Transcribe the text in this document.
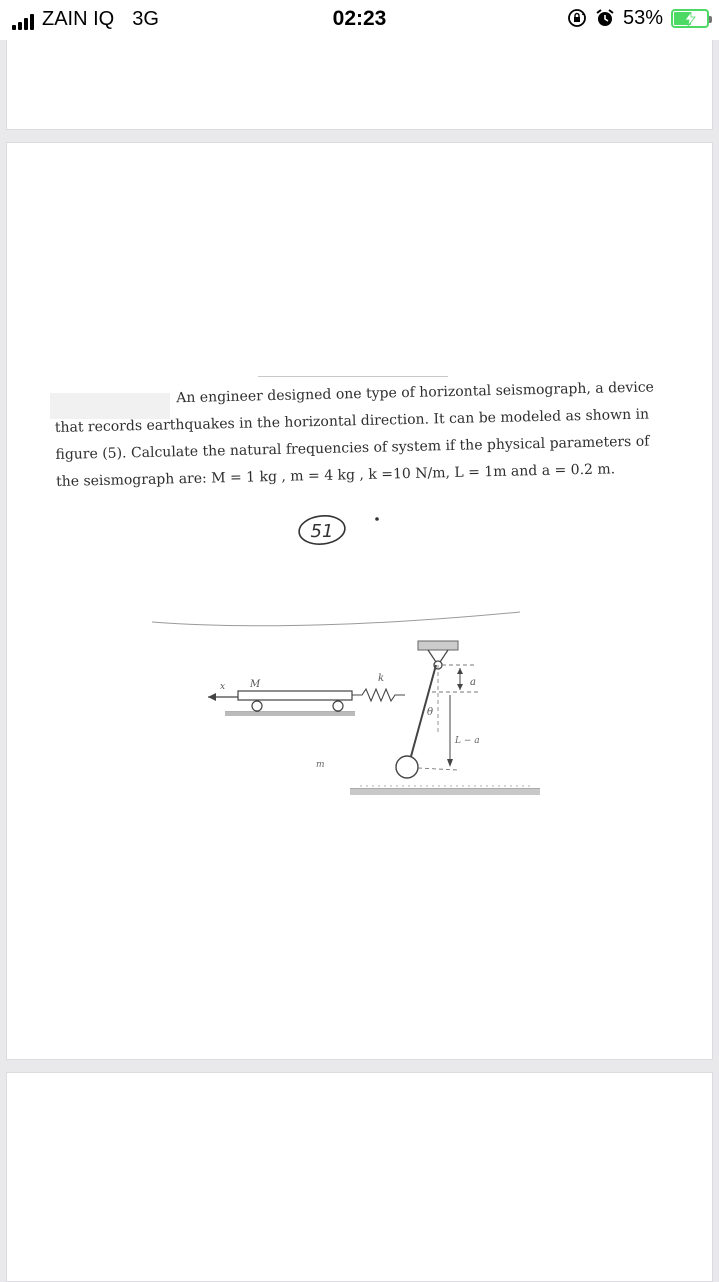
ZAIN IQ 3G	02:23	53%
An engineer designed one type of horizontal seismograph, a device
that records earthquakes in the horizontal direction. It can be modeled as shown in
figure (5). Calculate the natural frequencies of system if the physical parameters of
the seismograph are: M = 1 kg , m = 4 kg , k =10 N/m, L = 1m and a = 0.2 m.
51
x M
k
θ
m
a
L − a
